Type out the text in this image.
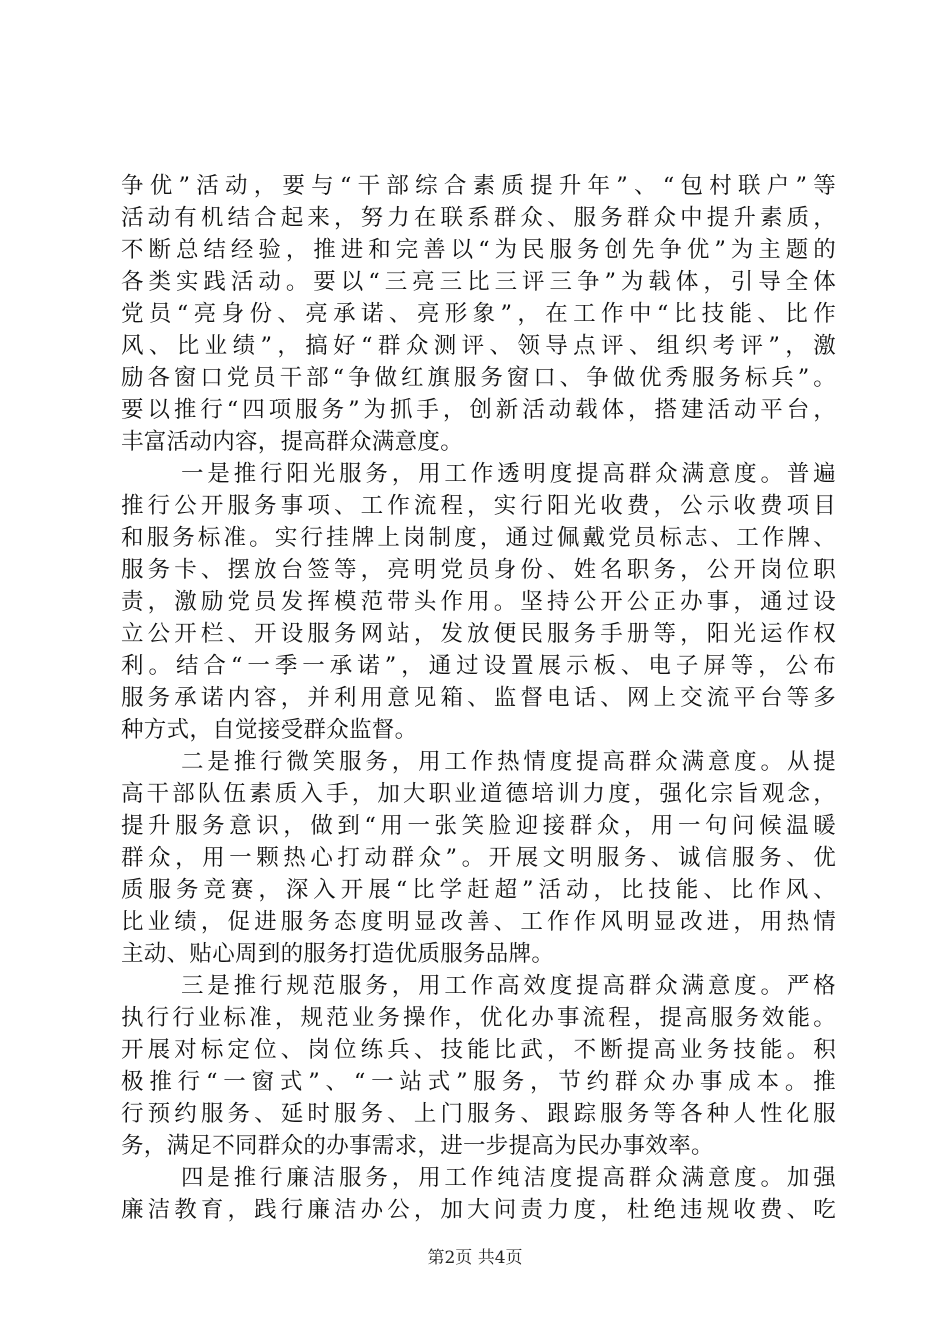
争优”活动，要与“干部综合素质提升年”、“包村联户”等
活动有机结合起来，努力在联系群众、服务群众中提升素质，
不断总结经验，推进和完善以“为民服务创先争优”为主题的
各类实践活动。要以“三亮三比三评三争”为载体，引导全体
党员“亮身份、亮承诺、亮形象”，在工作中“比技能、比作
风、比业绩”，搞好“群众测评、领导点评、组织考评”，激
励各窗口党员干部“争做红旗服务窗口、争做优秀服务标兵”。
要以推行“四项服务”为抓手，创新活动载体，搭建活动平台，
丰富活动内容，提高群众满意度。
一是推行阳光服务，用工作透明度提高群众满意度。普遍
推行公开服务事项、工作流程，实行阳光收费，公示收费项目
和服务标准。实行挂牌上岗制度，通过佩戴党员标志、工作牌、
服务卡、摆放台签等，亮明党员身份、姓名职务，公开岗位职
责，激励党员发挥模范带头作用。坚持公开公正办事，通过设
立公开栏、开设服务网站，发放便民服务手册等，阳光运作权
利。结合“一季一承诺”，通过设置展示板、电子屏等，公布
服务承诺内容，并利用意见箱、监督电话、网上交流平台等多
种方式，自觉接受群众监督。
二是推行微笑服务，用工作热情度提高群众满意度。从提
高干部队伍素质入手，加大职业道德培训力度，强化宗旨观念，
提升服务意识，做到“用一张笑脸迎接群众，用一句问候温暖
群众，用一颗热心打动群众”。开展文明服务、诚信服务、优
质服务竞赛，深入开展“比学赶超”活动，比技能、比作风、
比业绩，促进服务态度明显改善、工作作风明显改进，用热情
主动、贴心周到的服务打造优质服务品牌。
三是推行规范服务，用工作高效度提高群众满意度。严格
执行行业标准，规范业务操作，优化办事流程，提高服务效能。
开展对标定位、岗位练兵、技能比武，不断提高业务技能。积
极推行“一窗式”、“一站式”服务，节约群众办事成本。推
行预约服务、延时服务、上门服务、跟踪服务等各种人性化服
务，满足不同群众的办事需求，进一步提高为民办事效率。
四是推行廉洁服务，用工作纯洁度提高群众满意度。加强
廉洁教育，践行廉洁办公，加大问责力度，杜绝违规收费、吃
第2页 共4页
